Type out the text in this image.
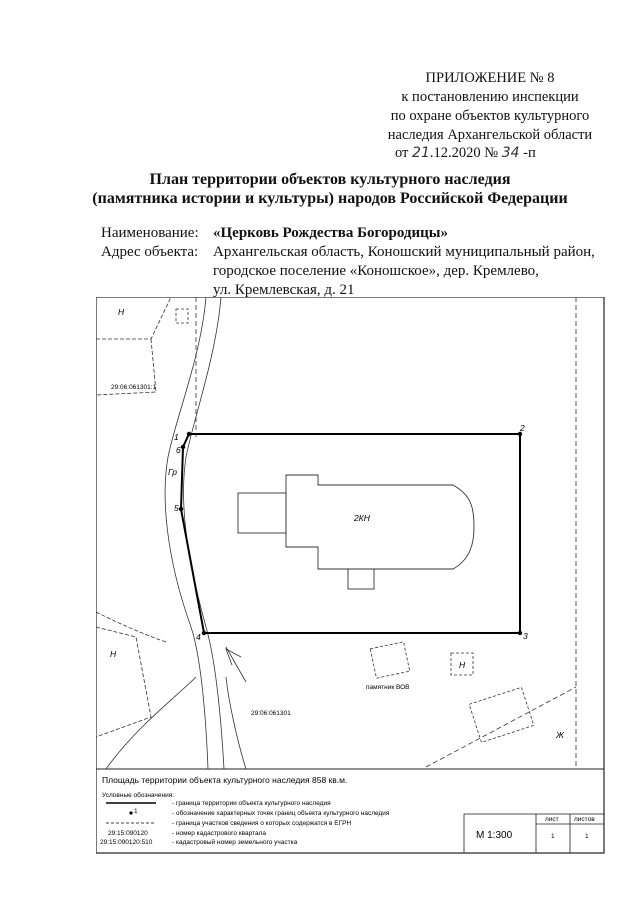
ПРИЛОЖЕНИЕ № 8
к постановлению инспекции
по охране объектов культурного
наследия Архангельской области
от 21.12.2020 № 34 -п
План территории объектов культурного наследия
(памятника истории и культуры) народов Российской Федерации
Наименование: «Церковь Рождества Богородицы»
Адрес объекта: Архангельская область, Коношский муниципальный район,
городское поселение «Коношское», дер. Кремлево,
ул. Кремлевская, д. 21
Н
Н
Н
Ж
Гр
2КН
1
2
3
4
5
6
29:06:061301:1
29:06:061301
памятник ВОВ
Площадь территории объекта культурного наследия 858 кв.м.
Условные обозначения:
1
29:15:090120
29:15:090120:510
- граница территории объекта культурного наследия
- обозначение характерных точек границ объекта культурного наследия
- граница участков сведения о которых содержатся в ЕГРН
- номер кадастрового квартала
- кадастровый номер земельного участка
М 1:300
лист листов
1	1
